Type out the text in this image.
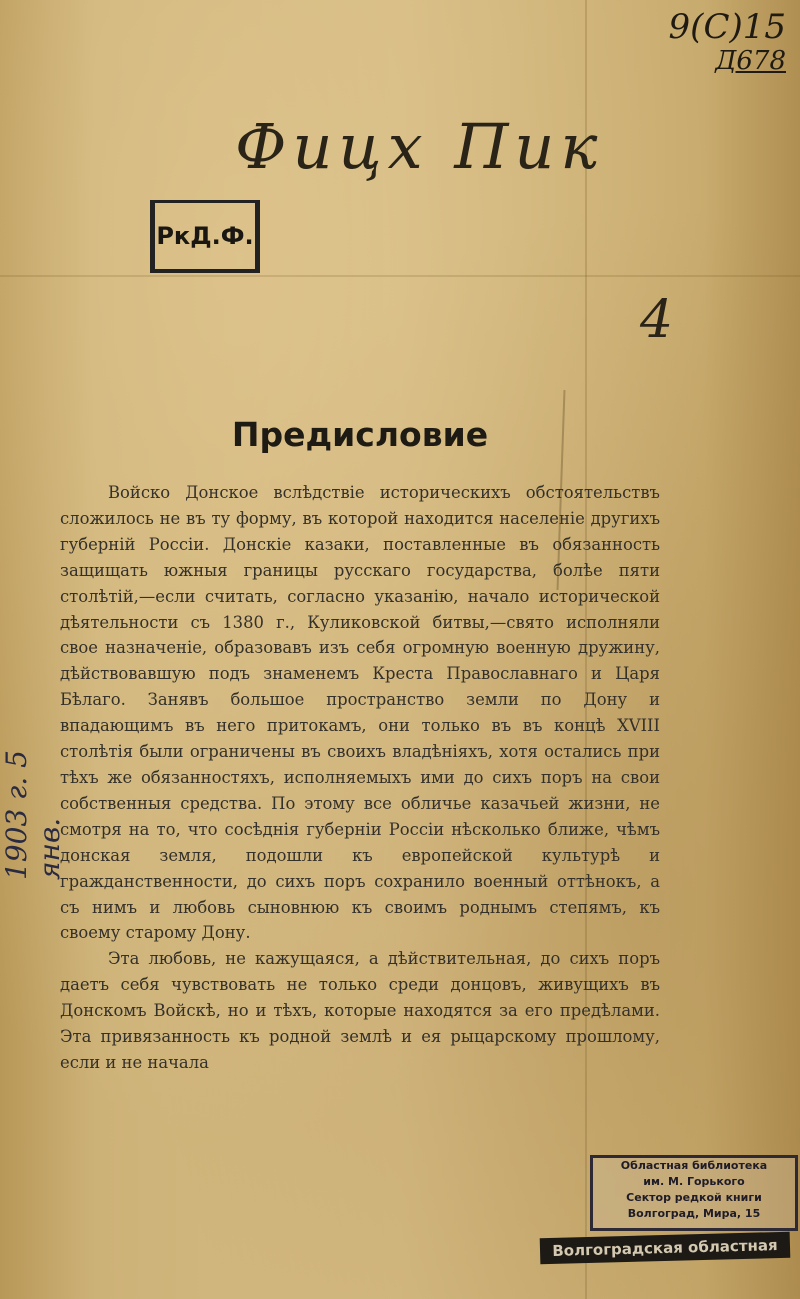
9(С)15
Д678
Фицх Пик
4
РкД.Ф.
Предисловие

Войско Донское вслѣдствіе историческихъ обстоятельствъ сложилось не въ ту форму, въ которой находится населеніе другихъ губерній Россіи. Донскіе казаки, поставленные въ обязанность защищать южныя границы русскаго государства, болѣе пяти столѣтій,—если считать, согласно указанію, начало исторической дѣятельности съ 1380 г., Куликовской битвы,—свято исполняли свое назначеніе, образовавъ изъ себя огромную военную дружину, дѣйствовавшую подъ знаменемъ Креста Православнаго и Царя Бѣлаго. Занявъ большое пространство земли по Дону и впадающимъ въ него притокамъ, они только въ въ концѣ XVIII столѣтія были ограничены въ своихъ владѣніяхъ, хотя остались при тѣхъ же обязанностяхъ, исполняемыхъ ими до сихъ поръ на свои собственныя средства. По этому все обличье казачьей жизни, не смотря на то, что сосѣднія губерніи Россіи нѣсколько ближе, чѣмъ донская земля, подошли къ европейской культурѣ и гражданственности, до сихъ поръ сохранило военный оттѣнокъ, а съ нимъ и любовь сыновнюю къ своимъ роднымъ степямъ, къ своему старому Дону.

Эта любовь, не кажущаяся, а дѣйствительная, до сихъ поръ даетъ себя чувствовать не только среди донцовъ, живущихъ въ Донскомъ Войскѣ, но и тѣхъ, которые находятся за его предѣлами. Эта привязанность къ родной землѣ и ея рыцарскому прошлому, если и не начала

1903 г. 5 янв.
Областная библиотека
им. М. Горького
Сектор редкой книги
Волгоград, Мира, 15
Волгоградская областная
